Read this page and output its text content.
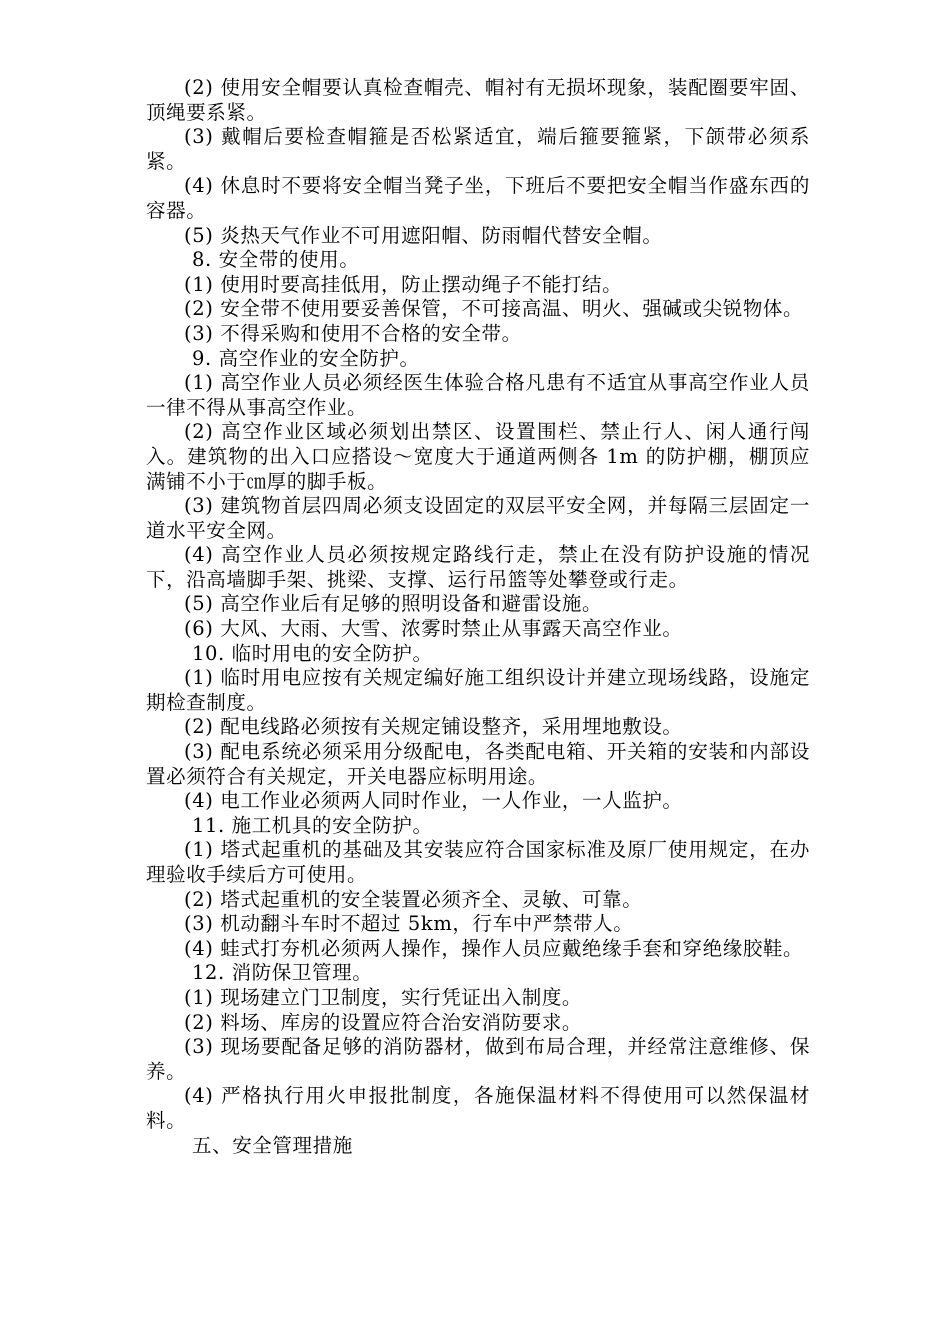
(2) 使用安全帽要认真检查帽壳、帽衬有无损坏现象，装配圈要牢固、顶绳要系紧。

(3) 戴帽后要检查帽箍是否松紧适宜，端后箍要箍紧，下颌带必须系紧。

(4) 休息时不要将安全帽当凳子坐，下班后不要把安全帽当作盛东西的容器。

(5) 炎热天气作业不可用遮阳帽、防雨帽代替安全帽。

8. 安全带的使用。

(1) 使用时要高挂低用，防止摆动绳子不能打结。

(2) 安全带不使用要妥善保管，不可接高温、明火、强碱或尖锐物体。

(3) 不得采购和使用不合格的安全带。

9. 高空作业的安全防护。

(1) 高空作业人员必须经医生体验合格凡患有不适宜从事高空作业人员一律不得从事高空作业。

(2) 高空作业区域必须划出禁区、设置围栏、禁止行人、闲人通行闯入。建筑物的出入口应搭设～宽度大于通道两侧各 1m 的防护棚，棚顶应满铺不小于㎝厚的脚手板。

(3) 建筑物首层四周必须支设固定的双层平安全网，并每隔三层固定一道水平安全网。

(4) 高空作业人员必须按规定路线行走，禁止在没有防护设施的情况下，沿高墙脚手架、挑梁、支撑、运行吊篮等处攀登或行走。

(5) 高空作业后有足够的照明设备和避雷设施。

(6) 大风、大雨、大雪、浓雾时禁止从事露天高空作业。

10. 临时用电的安全防护。

(1) 临时用电应按有关规定编好施工组织设计并建立现场线路，设施定期检查制度。

(2) 配电线路必须按有关规定铺设整齐，采用埋地敷设。

(3) 配电系统必须采用分级配电，各类配电箱、开关箱的安装和内部设置必须符合有关规定，开关电器应标明用途。

(4) 电工作业必须两人同时作业，一人作业，一人监护。

11. 施工机具的安全防护。

(1) 塔式起重机的基础及其安装应符合国家标准及原厂使用规定，在办理验收手续后方可使用。

(2) 塔式起重机的安全装置必须齐全、灵敏、可靠。

(3) 机动翻斗车时不超过 5km，行车中严禁带人。

(4) 蛙式打夯机必须两人操作，操作人员应戴绝缘手套和穿绝缘胶鞋。

12. 消防保卫管理。

(1) 现场建立门卫制度，实行凭证出入制度。

(2) 料场、库房的设置应符合治安消防要求。

(3) 现场要配备足够的消防器材，做到布局合理，并经常注意维修、保养。

(4) 严格执行用火申报批制度，各施保温材料不得使用可以然保温材料。

五、安全管理措施
